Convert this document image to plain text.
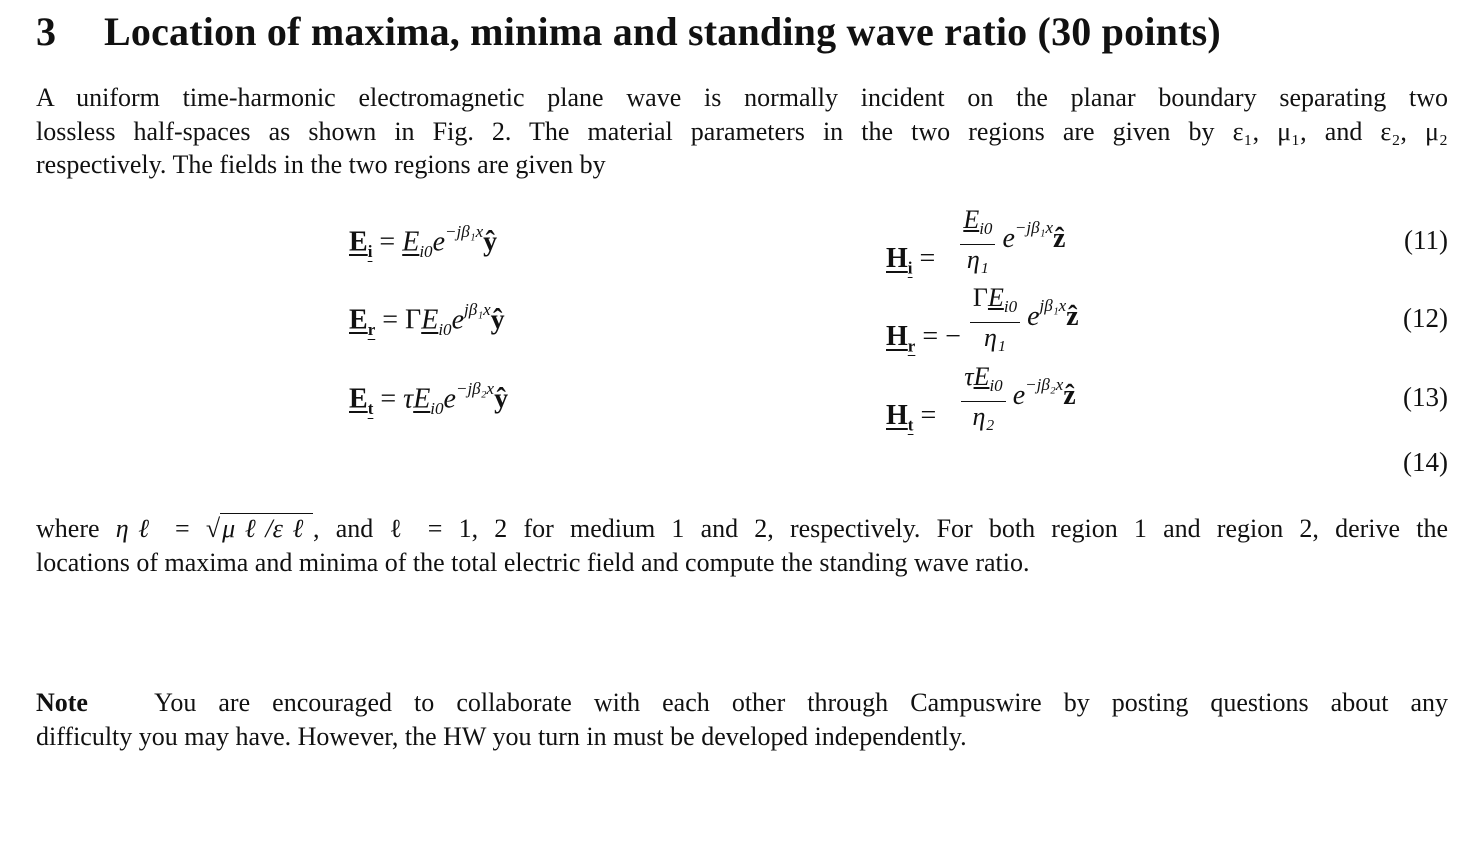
3 Location of maxima, minima and standing wave ratio (30 points)
A uniform time-harmonic electromagnetic plane wave is normally incident on the planar boundary separating two
lossless half-spaces as shown in Fig. 2. The material parameters in the two regions are given by ε₁, μ₁, and ε₂, μ₂
respectively. The fields in the two regions are given by
$E_i$ = $E_{i0}e^{-j\beta_1x}ŷ$
$H_i = \frac{E_{i0}}{\text{η₁}}$ $e^{-j\beta_1x}ẑ$	(11)
$E_r$ = $\Gamma E_{i0}e^{j\beta_1x}ŷ$
$H_r$ = − $\frac{\Gamma E_{i0}}{\text{η₁}}$ $e^{j\beta_1x}ẑ$	(12)
$E_t$ = $\tau E_{i0}e^{-j\beta_2x}ŷ$
$H_t = \frac{\tau E_{i0}}{\text{η₂}}$ $e^{-j\beta_2x}ẑ$	(13)
(14)
where ηℓ = √μℓ/εℓ, and ℓ = 1, 2 for medium 1 and 2, respectively. For both region 1 and region 2, derive the
locations of maxima and minima of the total electric field and compute the standing wave ratio.
Note	You are encouraged to collaborate with each other through Campuswire by posting questions about any
difficulty you may have. However, the HW you turn in must be developed independently.
